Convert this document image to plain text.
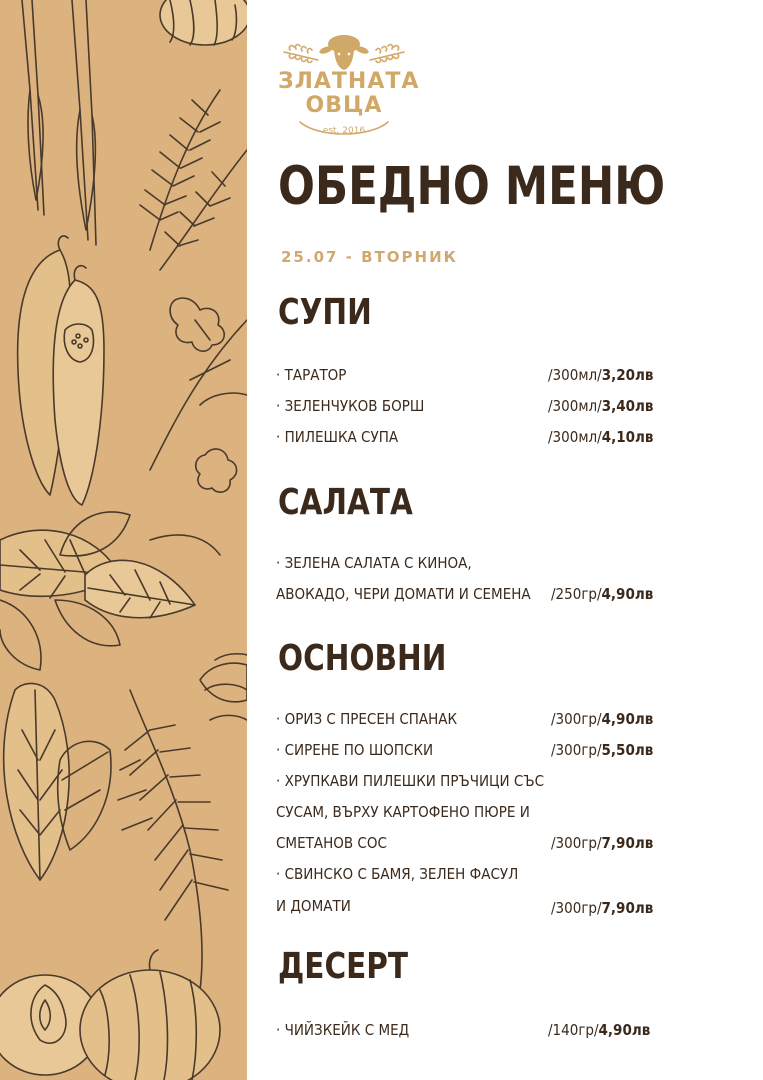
ЗЛАТНАТА
ОВЦА
est. 2016
ОБЕДНО МЕНЮ
25.07 - ВТОРНИК
СУПИ
· ТАРАТОР	/300мл/3,20лв
· ЗЕЛЕНЧУКОВ БОРШ	/300мл/3,40лв
· ПИЛЕШКА СУПА	/300мл/4,10лв
САЛАТА
· ЗЕЛЕНА САЛАТА С КИНОА,
АВОКАДО, ЧЕРИ ДОМАТИ И СЕМЕНА /250гр/4,90лв
ОСНОВНИ
· ОРИЗ С ПРЕСЕН СПАНАК	/300гр/4,90лв
· СИРЕНЕ ПО ШОПСКИ	/300гр/5,50лв
· ХРУПКАВИ ПИЛЕШКИ ПРЪЧИЦИ СЪС
СУСАМ, ВЪРХУ КАРТОФЕНО ПЮРЕ И
СМЕТАНОВ СОС	/300гр/7,90лв
· СВИНСКО С БАМЯ, ЗЕЛЕН ФАСУЛ
И ДОМАТИ	/300гр/7,90лв
ДЕСЕРТ
· ЧИЙЗКЕЙК С МЕД	/140гр/4,90лв
